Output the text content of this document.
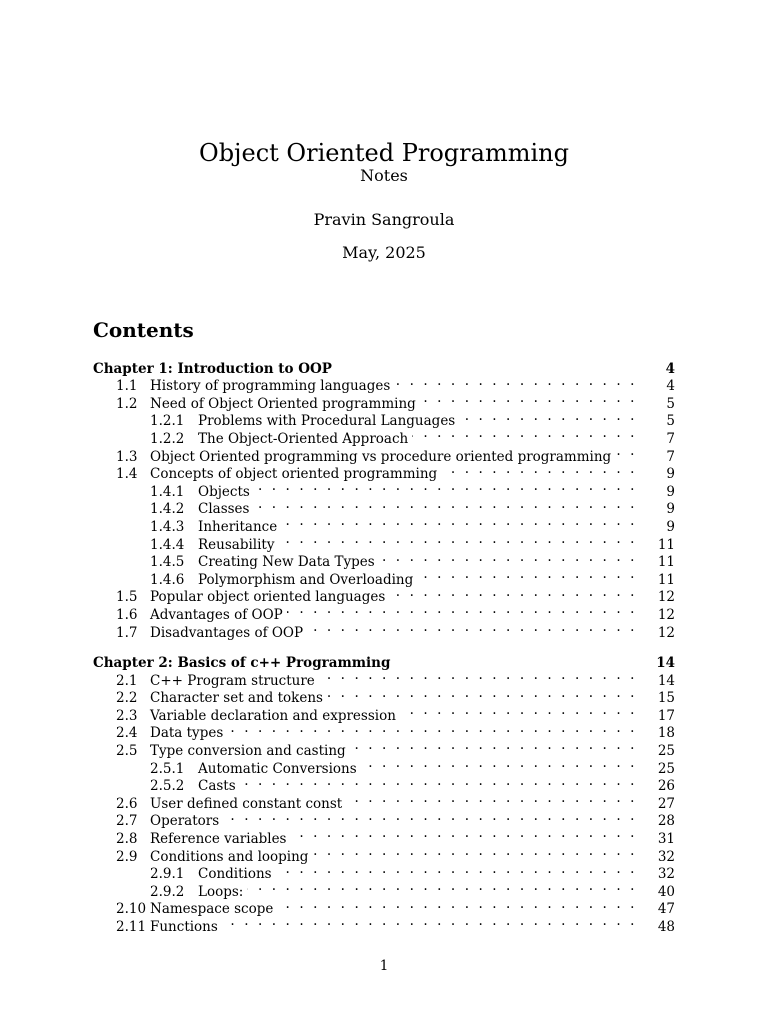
Object Oriented Programming
Notes
Pravin Sangroula
May, 2025
Contents
Chapter 1: Introduction to OOP	4
1.1 History of programming languages . . .	4
1.2 Need of Object Oriented programming . . .	5
1.2.1	Problems with Procedural Languages . . .	5
1.2.2	The Object-Oriented Approach . . .	7
1.3 Object Oriented programming vs procedure oriented programming . . .	7
1.4 Concepts of object oriented programming . . .	9
1.4.1	Objects . . .	9
1.4.2	Classes . . .	9
1.4.3	Inheritance . . .	9
1.4.4	Reusability . . .	11
1.4.5	Creating New Data Types . . .	11
1.4.6	Polymorphism and Overloading . . .	11
1.5 Popular object oriented languages . . .	12
1.6 Advantages of OOP . . .	12
1.7 Disadvantages of OOP . . .	12
Chapter 2: Basics of c++ Programming	14
2.1 C++ Program structure . . .	14
2.2 Character set and tokens . . .	15
2.3 Variable declaration and expression . . .	17
2.4 Data types . . .	18
2.5 Type conversion and casting . . .	25
2.5.1	Automatic Conversions . . .	25
2.5.2	Casts . . .	26
2.6 User defined constant const . . .	27
2.7 Operators . . .	28
2.8 Reference variables . . .	31
2.9 Conditions and looping . . .	32
2.9.1	Conditions . . .	32
2.9.2	Loops: . . .	40
2.10 Namespace scope . . .	47
2.11 Functions . . .	48
1
